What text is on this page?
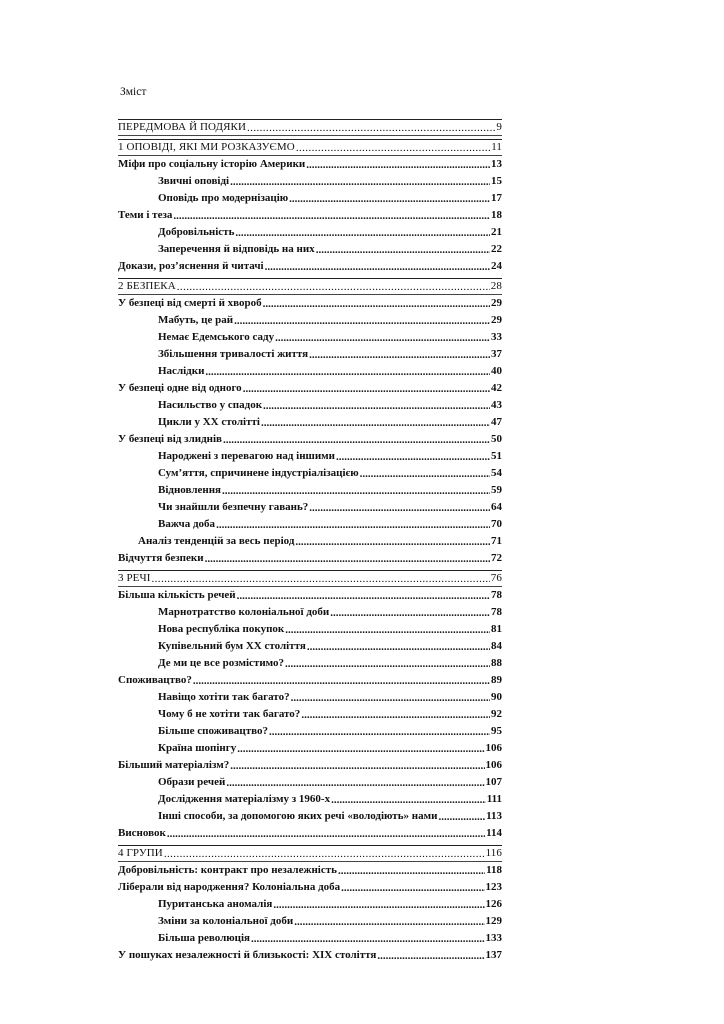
Зміст
ПЕРЕДМОВА Й ПОДЯКИ .....	9
1 ОПОВІДІ, ЯКІ МИ РОЗКАЗУЄМО .....	11
Міфи про соціальну історію Америки .....	13
Звичні оповіді .....	15
Оповідь про модернізацію .....	17
Теми і теза .....	18
Добровільність .....	21
Заперечення й відповідь на них .....	22
Докази, роз’яснення й читачі .....	24
2 БЕЗПЕКА .....	28
У безпеці від смерті й хвороб .....	29
Мабуть, це рай .....	29
Немає Едемського саду .....	33
Збільшення тривалості життя .....	37
Наслідки .....	40
У безпеці одне від одного .....	42
Насильство у спадок .....	43
Цикли у ХХ столітті .....	47
У безпеці від злиднів .....	50
Народжені з перевагою над іншими .....	51
Сум’яття, спричинене індустріалізацією .....	54
Відновлення .....	59
Чи знайшли безпечну гавань? .....	64
Важча доба .....	70
Аналіз тенденцій за весь період .....	71
Відчуття безпеки .....	72
3 РЕЧІ .....	76
Більша кількість речей .....	78
Марнотратство колоніальної доби .....	78
Нова республіка покупок .....	81
Купівельний бум ХХ століття .....	84
Де ми це все розмістимо? .....	88
Споживацтво? .....	89
Навіщо хотіти так багато? .....	90
Чому б не хотіти так багато? .....	92
Більше споживацтво? .....	95
Країна шопінгу .....	106
Більший матеріалізм? .....	106
Образи речей .....	107
Дослідження матеріалізму з 1960-х .....	111
Інші способи, за допомогою яких речі «володіють» нами .....	113
Висновок .....	114
4 ГРУПИ .....	116
Добровільність: контракт про незалежність .....	118
Ліберали від народження? Колоніальна доба .....	123
Пуританська аномалія .....	126
Зміни за колоніальної доби .....	129
Більша революція .....	133
У пошуках незалежності й близькості: ХІХ століття .....	137
